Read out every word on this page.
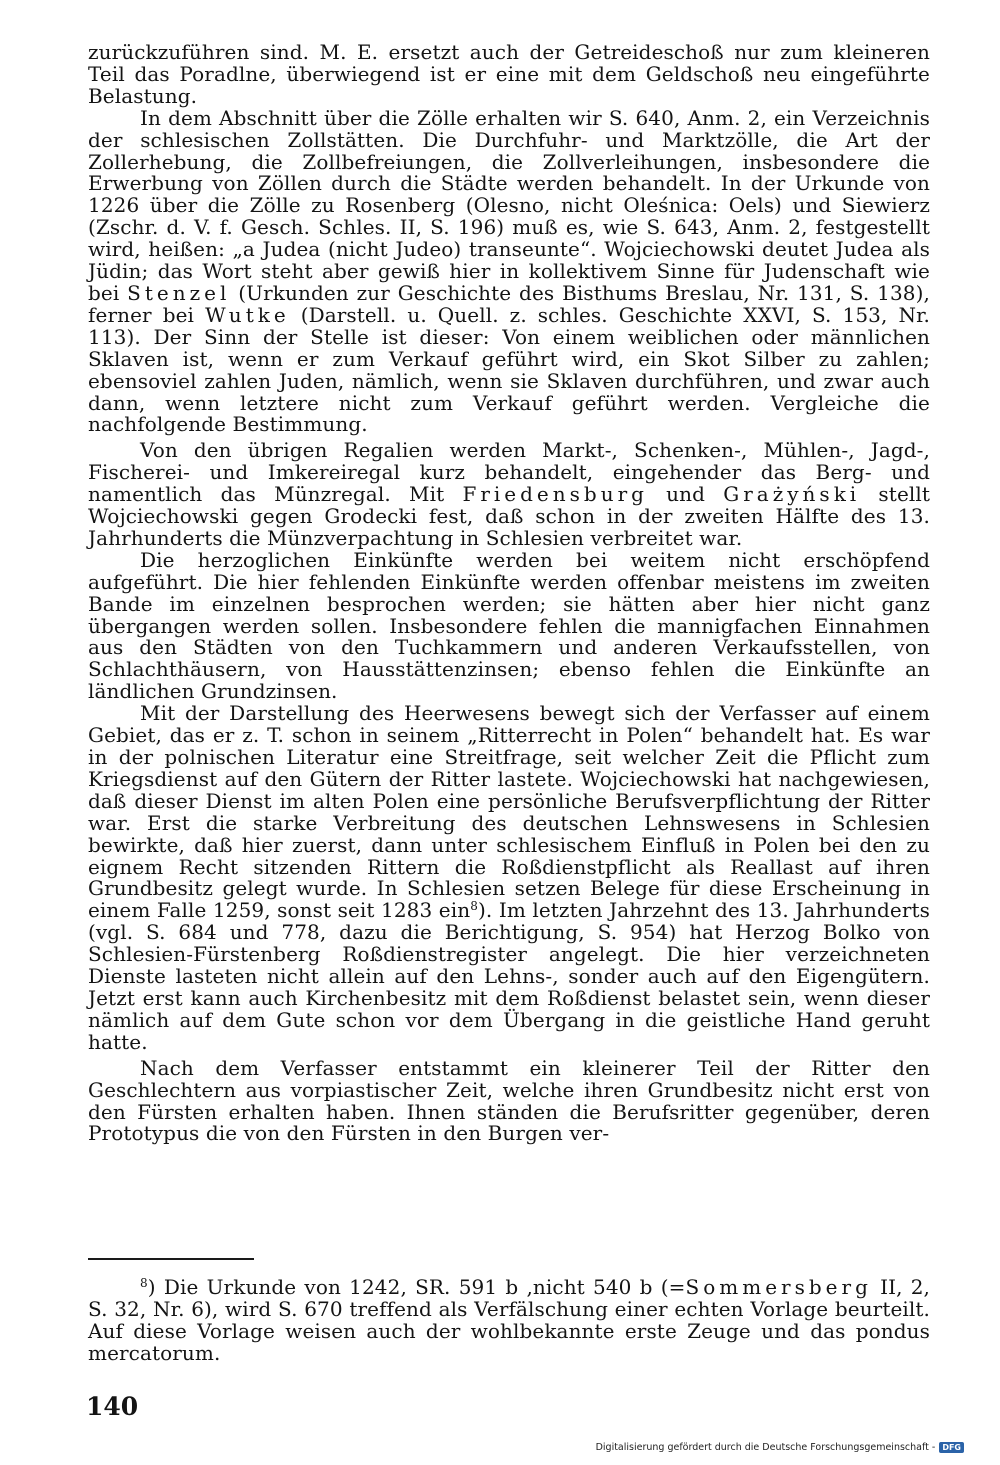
zurückzuführen sind. M. E. ersetzt auch der Getreideschoß nur zum kleineren Teil das Poradlne, überwiegend ist er eine mit dem Geldschoß neu eingeführte Belastung.

In dem Abschnitt über die Zölle erhalten wir S. 640, Anm. 2, ein Verzeichnis der schlesischen Zollstätten. Die Durchfuhr- und Marktzölle, die Art der Zollerhebung, die Zollbefreiungen, die Zollverleihungen, insbesondere die Erwerbung von Zöllen durch die Städte werden behandelt. In der Urkunde von 1226 über die Zölle zu Rosenberg (Olesno, nicht Oleśnica: Oels) und Siewierz (Zschr. d. V. f. Gesch. Schles. II, S. 196) muß es, wie S. 643, Anm. 2, festgestellt wird, heißen: „a Judea (nicht Judeo) transeunte“. Wojciechowski deutet Judea als Jüdin; das Wort steht aber gewiß hier in kollektivem Sinne für Judenschaft wie bei Stenzel (Urkunden zur Geschichte des Bisthums Breslau, Nr. 131, S. 138), ferner bei Wutke (Darstell. u. Quell. z. schles. Geschichte XXVI, S. 153, Nr. 113). Der Sinn der Stelle ist dieser: Von einem weiblichen oder männlichen Sklaven ist, wenn er zum Verkauf geführt wird, ein Skot Silber zu zahlen; ebensoviel zahlen Juden, nämlich, wenn sie Sklaven durchführen, und zwar auch dann, wenn letztere nicht zum Verkauf geführt werden. Vergleiche die nachfolgende Bestimmung.

Von den übrigen Regalien werden Markt-, Schenken-, Mühlen-, Jagd-, Fischerei- und Imkereiregal kurz behandelt, eingehender das Berg- und namentlich das Münzregal. Mit Friedensburg und Grażyński stellt Wojciechowski gegen Grodecki fest, daß schon in der zweiten Hälfte des 13. Jahrhunderts die Münzverpachtung in Schlesien verbreitet war.

Die herzoglichen Einkünfte werden bei weitem nicht erschöpfend aufgeführt. Die hier fehlenden Einkünfte werden offenbar meistens im zweiten Bande im einzelnen besprochen werden; sie hätten aber hier nicht ganz übergangen werden sollen. Insbesondere fehlen die mannigfachen Einnahmen aus den Städten von den Tuchkammern und anderen Verkaufsstellen, von Schlachthäusern, von Hausstättenzinsen; ebenso fehlen die Einkünfte an ländlichen Grundzinsen.

Mit der Darstellung des Heerwesens bewegt sich der Verfasser auf einem Gebiet, das er z. T. schon in seinem „Ritterrecht in Polen“ behandelt hat. Es war in der polnischen Literatur eine Streitfrage, seit welcher Zeit die Pflicht zum Kriegsdienst auf den Gütern der Ritter lastete. Wojciechowski hat nachgewiesen, daß dieser Dienst im alten Polen eine persönliche Berufsverpflichtung der Ritter war. Erst die starke Verbreitung des deutschen Lehnswesens in Schlesien bewirkte, daß hier zuerst, dann unter schlesischem Einfluß in Polen bei den zu eignem Recht sitzenden Rittern die Roßdienstpflicht als Reallast auf ihren Grundbesitz gelegt wurde. In Schlesien setzen Belege für diese Erscheinung in einem Falle 1259, sonst seit 1283 ein$^8$). Im letzten Jahrzehnt des 13. Jahrhunderts (vgl. S. 684 und 778, dazu die Berichtigung, S. 954) hat Herzog Bolko von Schlesien-Fürstenberg Roßdienstregister angelegt. Die hier verzeichneten Dienste lasteten nicht allein auf den Lehns-, sonder auch auf den Eigengütern. Jetzt erst kann auch Kirchenbesitz mit dem Roßdienst belastet sein, wenn dieser nämlich auf dem Gute schon vor dem Übergang in die geistliche Hand geruht hatte.

Nach dem Verfasser entstammt ein kleinerer Teil der Ritter den Geschlechtern aus vorpiastischer Zeit, welche ihren Grundbesitz nicht erst von den Fürsten erhalten haben. Ihnen ständen die Berufsritter gegenüber, deren Prototypus die von den Fürsten in den Burgen ver-

$^8$) Die Urkunde von 1242, SR. 591 b ,nicht 540 b (=Sommersberg II, 2, S. 32, Nr. 6), wird S. 670 treffend als Verfälschung einer echten Vorlage beurteilt. Auf diese Vorlage weisen auch der wohlbekannte erste Zeuge und das pondus mercatorum.

140
Digitalisierung gefördert durch die Deutsche Forschungsgemeinschaft - DFG
